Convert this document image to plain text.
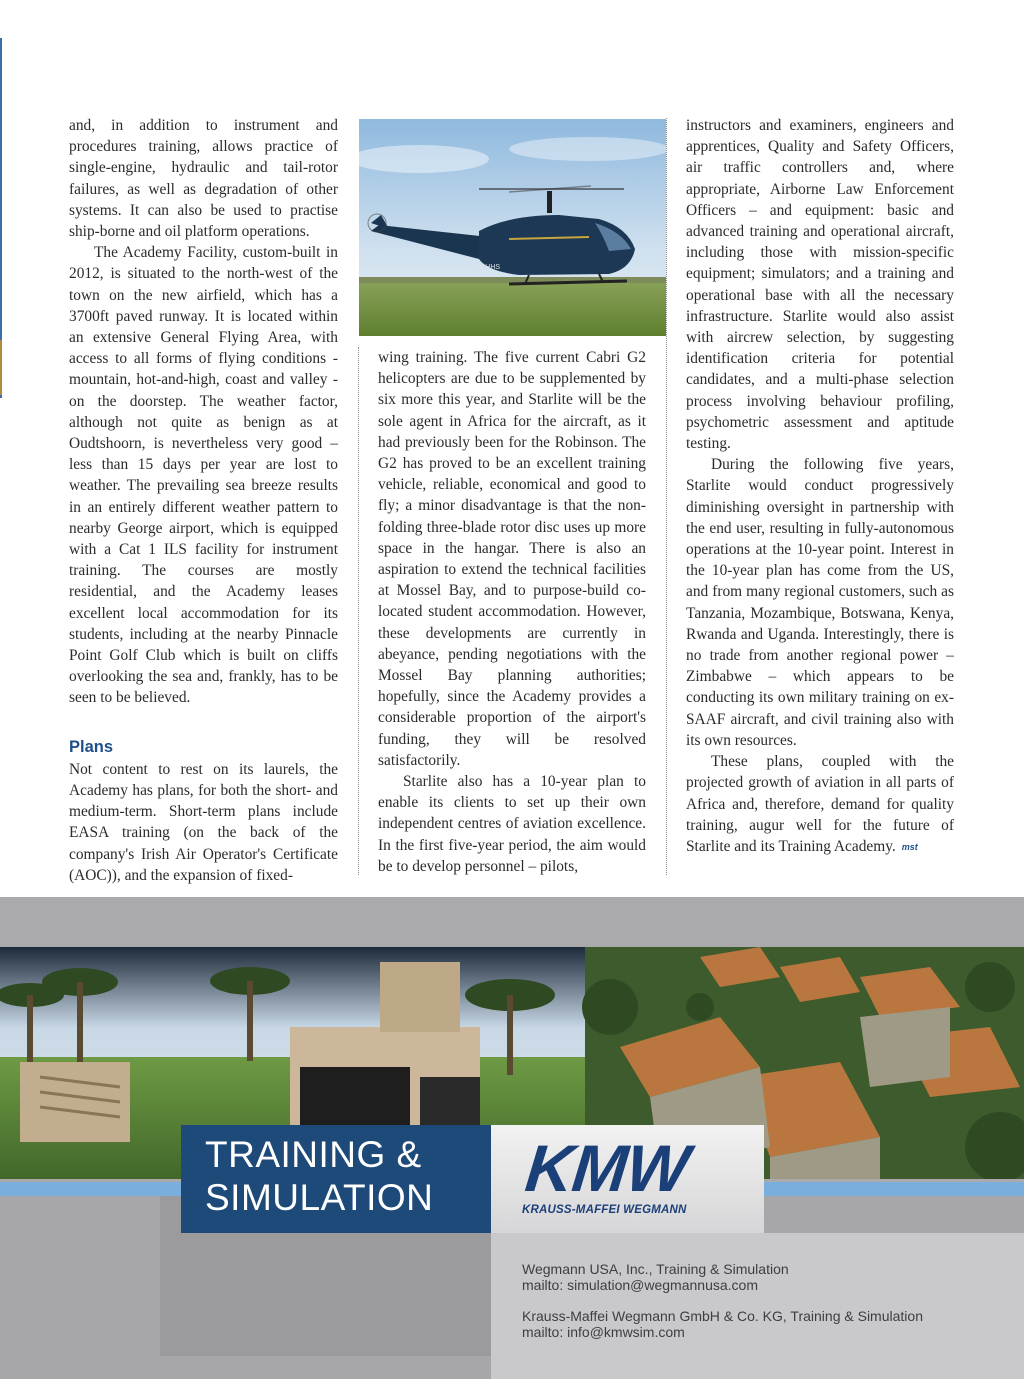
and, in addition to instrument and procedures training, allows practice of single-engine, hydraulic and tail-rotor failures, as well as degradation of other systems. It can also be used to practise ship-borne and oil platform operations.

The Academy Facility, custom-built in 2012, is situated to the north-west of the town on the new airfield, which has a 3700ft paved runway. It is located within an extensive General Flying Area, with access to all forms of flying conditions - mountain, hot-and-high, coast and valley - on the doorstep. The weather factor, although not quite as benign as at Oudtshoorn, is nevertheless very good – less than 15 days per year are lost to weather. The prevailing sea breeze results in an entirely different weather pattern to nearby George airport, which is equipped with a Cat 1 ILS facility for instrument training. The courses are mostly residential, and the Academy leases excellent local accommodation for its students, including at the nearby Pinnacle Point Golf Club which is built on cliffs overlooking the sea and, frankly, has to be seen to be believed.

Plans

Not content to rest on its laurels, the Academy has plans, for both the short- and medium-term. Short-term plans include EASA training (on the back of the company's Irish Air Operator's Certificate (AOC)), and the expansion of fixed-

ZS-HHS

wing training. The five current Cabri G2 helicopters are due to be supplemented by six more this year, and Starlite will be the sole agent in Africa for the aircraft, as it had previously been for the Robinson. The G2 has proved to be an excellent training vehicle, reliable, economical and good to fly; a minor disadvantage is that the non-folding three-blade rotor disc uses up more space in the hangar. There is also an aspiration to extend the technical facilities at Mossel Bay, and to purpose-build co-located student accommodation. However, these developments are currently in abeyance, pending negotiations with the Mossel Bay planning authorities; hopefully, since the Academy provides a considerable proportion of the airport's funding, they will be resolved satisfactorily.

Starlite also has a 10-year plan to enable its clients to set up their own independent centres of aviation excellence. In the first five-year period, the aim would be to develop personnel – pilots,

instructors and examiners, engineers and apprentices, Quality and Safety Officers, air traffic controllers and, where appropriate, Airborne Law Enforcement Officers – and equipment: basic and advanced training and operational aircraft, including those with mission-specific equipment; simulators; and a training and operational base with all the necessary infrastructure. Starlite would also assist with aircrew selection, by suggesting identification criteria for potential candidates, and a multi-phase selection process involving behaviour profiling, psychometric assessment and aptitude testing.

During the following five years, Starlite would conduct progressively diminishing oversight in partnership with the end user, resulting in fully-autonomous operations at the 10-year point. Interest in the 10-year plan has come from the US, and from many regional customers, such as Tanzania, Mozambique, Botswana, Kenya, Rwanda and Uganda. Interestingly, there is no trade from another regional power – Zimbabwe – which appears to be conducting its own military training on ex-SAAF aircraft, and civil training also with its own resources.

These plans, coupled with the projected growth of aviation in all parts of Africa and, therefore, demand for quality training, augur well for the future of Starlite and its Training Academy. mst

TRAINING &
SIMULATION KMW
KRAUSS-MAFFEI WEGMANN
Wegmann USA, Inc., Training & Simulation
mailto: simulation@wegmannusa.com
Krauss-Maffei Wegmann GmbH & Co. KG, Training & Simulation
mailto: info@kmwsim.com
